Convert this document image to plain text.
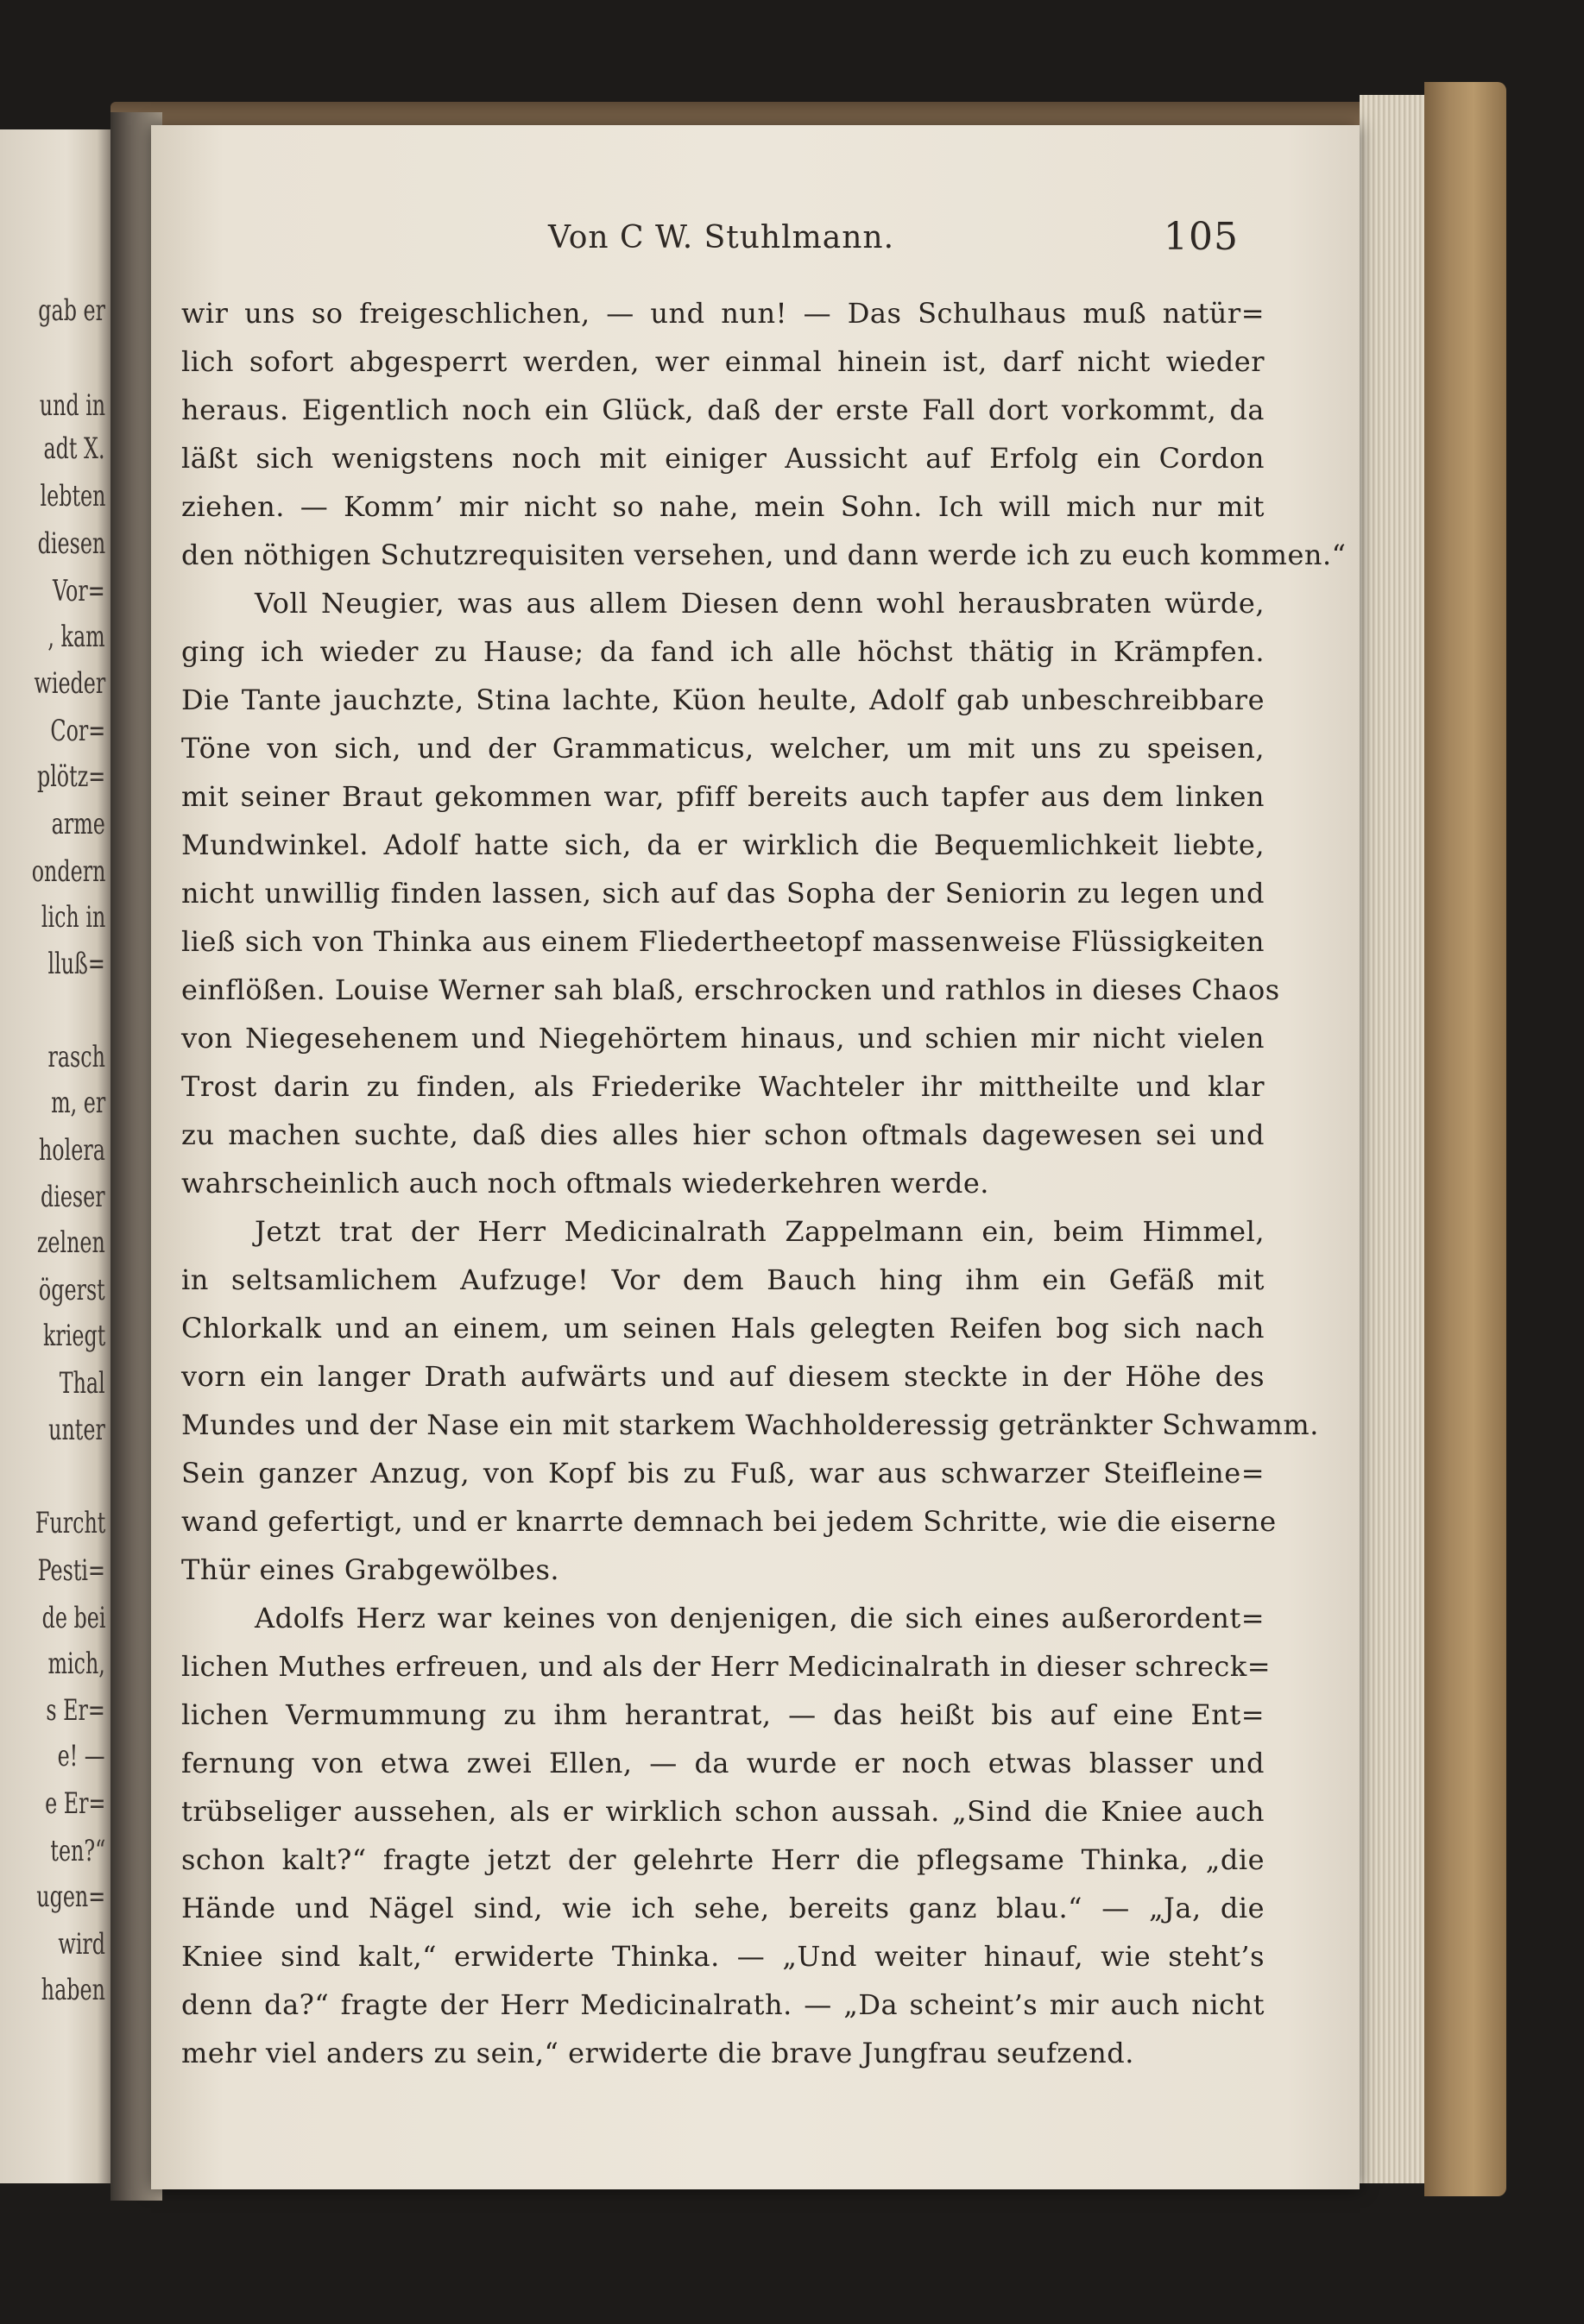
gab er
und in
adt X.
lebten
diesen
Vor=
, kam
wieder
Cor=
plötz=
arme
ondern
lich in
lluß=
rasch
m, er
holera
dieser
zelnen
ögerst
kriegt
Thal
unter
Furcht
Pesti=
de bei
mich,
s Er=
e! —
e Er=
ten?“
ugen=
wird
haben
Von C W. Stuhlmann.	105
wir uns so freigeschlichen, — und nun! — Das Schulhaus muß natür=
lich sofort abgesperrt werden, wer einmal hinein ist, darf nicht wieder
heraus. Eigentlich noch ein Glück, daß der erste Fall dort vorkommt, da
läßt sich wenigstens noch mit einiger Aussicht auf Erfolg ein Cordon
ziehen. — Komm’ mir nicht so nahe, mein Sohn. Ich will mich nur mit
den nöthigen Schutzrequisiten versehen, und dann werde ich zu euch kommen.“
Voll Neugier, was aus allem Diesen denn wohl herausbraten würde,
ging ich wieder zu Hause; da fand ich alle höchst thätig in Krämpfen.
Die Tante jauchzte, Stina lachte, Küon heulte, Adolf gab unbeschreibbare
Töne von sich, und der Grammaticus, welcher, um mit uns zu speisen,
mit seiner Braut gekommen war, pfiff bereits auch tapfer aus dem linken
Mundwinkel. Adolf hatte sich, da er wirklich die Bequemlichkeit liebte,
nicht unwillig finden lassen, sich auf das Sopha der Seniorin zu legen und
ließ sich von Thinka aus einem Fliedertheetopf massenweise Flüssigkeiten
einflößen. Louise Werner sah blaß, erschrocken und rathlos in dieses Chaos
von Niegesehenem und Niegehörtem hinaus, und schien mir nicht vielen
Trost darin zu finden, als Friederike Wachteler ihr mittheilte und klar
zu machen suchte, daß dies alles hier schon oftmals dagewesen sei und
wahrscheinlich auch noch oftmals wiederkehren werde.
Jetzt trat der Herr Medicinalrath Zappelmann ein, beim Himmel,
in seltsamlichem Aufzuge! Vor dem Bauch hing ihm ein Gefäß mit
Chlorkalk und an einem, um seinen Hals gelegten Reifen bog sich nach
vorn ein langer Drath aufwärts und auf diesem steckte in der Höhe des
Mundes und der Nase ein mit starkem Wachholderessig getränkter Schwamm.
Sein ganzer Anzug, von Kopf bis zu Fuß, war aus schwarzer Steifleine=
wand gefertigt, und er knarrte demnach bei jedem Schritte, wie die eiserne
Thür eines Grabgewölbes.
Adolfs Herz war keines von denjenigen, die sich eines außerordent=
lichen Muthes erfreuen, und als der Herr Medicinalrath in dieser schreck=
lichen Vermummung zu ihm herantrat, — das heißt bis auf eine Ent=
fernung von etwa zwei Ellen, — da wurde er noch etwas blasser und
trübseliger aussehen, als er wirklich schon aussah. „Sind die Kniee auch
schon kalt?“ fragte jetzt der gelehrte Herr die pflegsame Thinka, „die
Hände und Nägel sind, wie ich sehe, bereits ganz blau.“ — „Ja, die
Kniee sind kalt,“ erwiderte Thinka. — „Und weiter hinauf, wie steht’s
denn da?“ fragte der Herr Medicinalrath. — „Da scheint’s mir auch nicht
mehr viel anders zu sein,“ erwiderte die brave Jungfrau seufzend.
